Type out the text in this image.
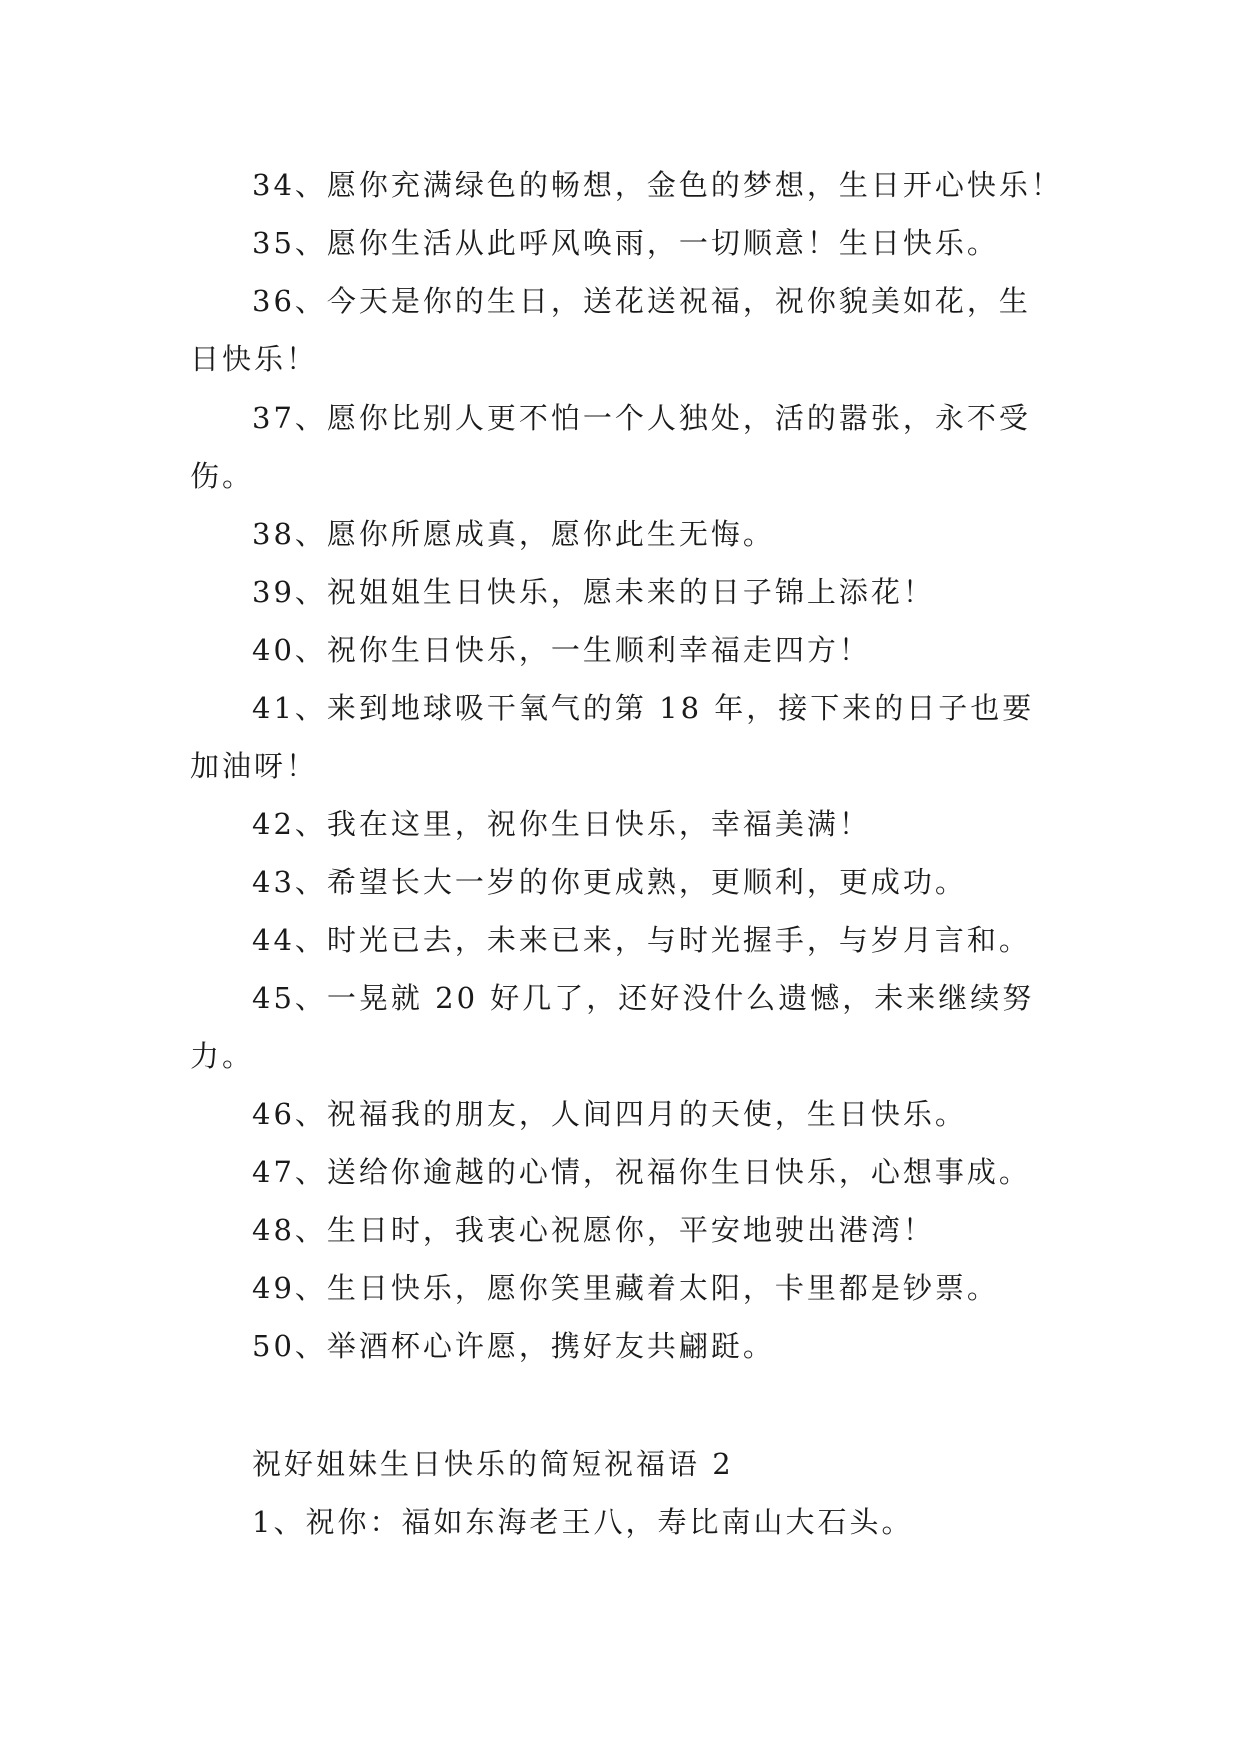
34、愿你充满绿色的畅想，金色的梦想，生日开心快乐！
35、愿你生活从此呼风唤雨，一切顺意！生日快乐。
36、今天是你的生日，送花送祝福，祝你貌美如花，生
日快乐！
37、愿你比别人更不怕一个人独处，活的嚣张，永不受
伤。
38、愿你所愿成真，愿你此生无悔。
39、祝姐姐生日快乐，愿未来的日子锦上添花！
40、祝你生日快乐，一生顺利幸福走四方！
41、来到地球吸干氧气的第 18 年，接下来的日子也要
加油呀！
42、我在这里，祝你生日快乐，幸福美满！
43、希望长大一岁的你更成熟，更顺利，更成功。
44、时光已去，未来已来，与时光握手，与岁月言和。
45、一晃就 20 好几了，还好没什么遗憾，未来继续努
力。
46、祝福我的朋友，人间四月的天使，生日快乐。
47、送给你逾越的心情，祝福你生日快乐，心想事成。
48、生日时，我衷心祝愿你，平安地驶出港湾！
49、生日快乐，愿你笑里藏着太阳，卡里都是钞票。
50、举酒杯心许愿，携好友共翩跹。
祝好姐妹生日快乐的简短祝福语 2
1、祝你：福如东海老王八，寿比南山大石头。
